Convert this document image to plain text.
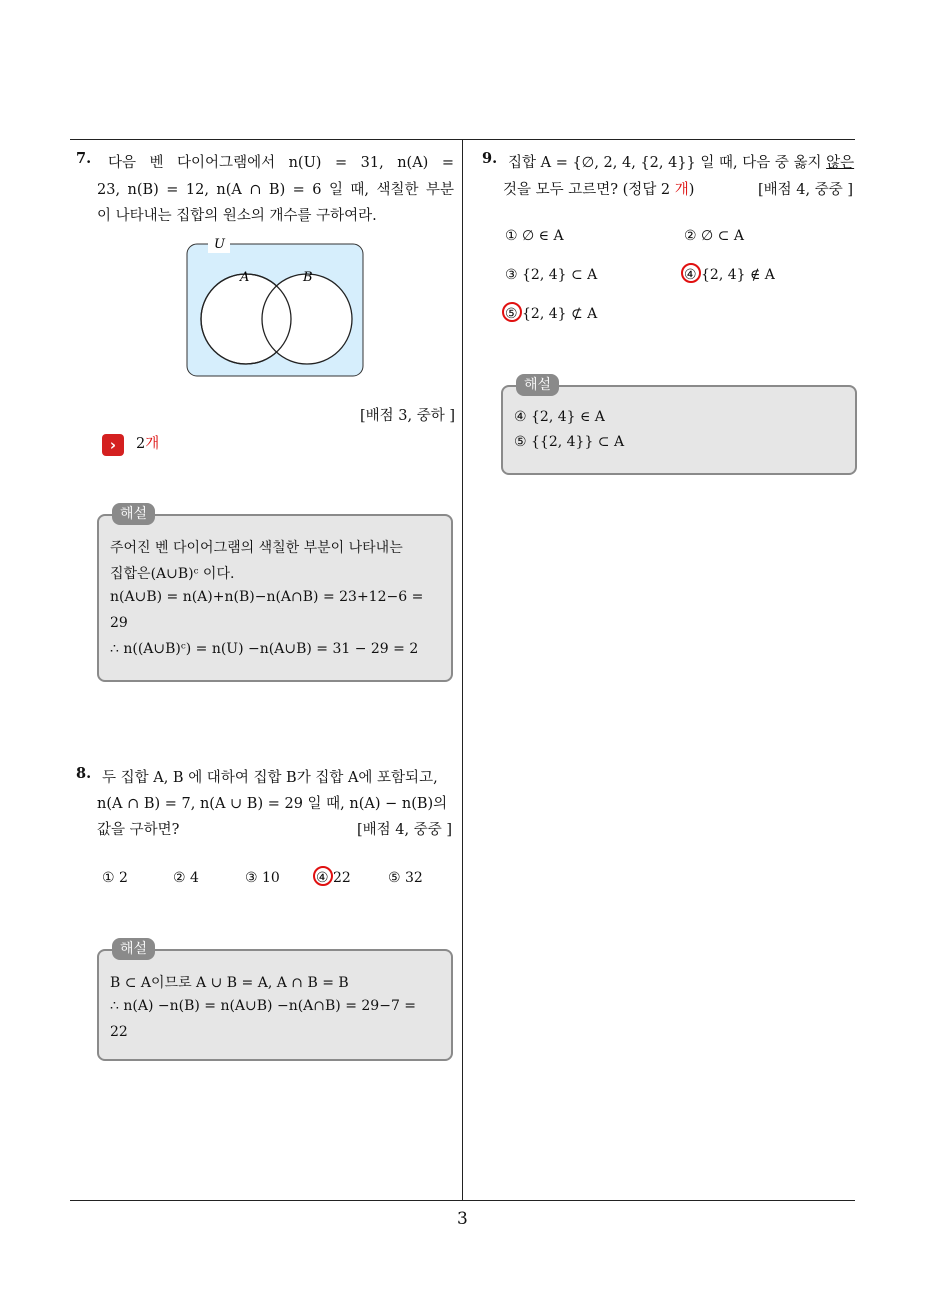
7. 다음 벤 다이어그램에서 n(U) = 31, n(A) =
23, n(B) = 12, n(A ∩ B) = 6 일 때, 색칠한 부분
이 나타내는 집합의 원소의 개수를 구하여라.
U
A	B
[배점 3, 중하 ]
›	2개
해설
주어진 벤 다이어그램의 색칠한 부분이 나타내는
집합은(A∪B)ᶜ 이다.
n(A∪B) = n(A)+n(B)−n(A∩B) = 23+12−6 =
29
∴ n((A∪B)ᶜ) = n(U) −n(A∪B) = 31 − 29 = 2
8. 두 집합 A, B 에 대하여 집합 B가 집합 A에 포함되고,
n(A ∩ B) = 7, n(A ∪ B) = 29 일 때, n(A) − n(B)의
값을 구하면?	[배점 4, 중중 ]
① 2	② 4	③ 10	④ 22	⑤ 32
해설
B ⊂ A이므로 A ∪ B = A, A ∩ B = B
∴ n(A) −n(B) = n(A∪B) −n(A∩B) = 29−7 =
22
9. 집합 A = {∅, 2, 4, {2, 4}} 일 때, 다음 중 옳지 않은
것을 모두 고르면? (정답 2 개)	[배점 4, 중중 ]
① ∅ ∈ A	② ∅ ⊂ A
③ {2, 4} ⊂ A	④ {2, 4} ∉ A
⑤ {2, 4} ⊄ A
해설
④ {2, 4} ∈ A
⑤ {{2, 4}} ⊂ A
3
